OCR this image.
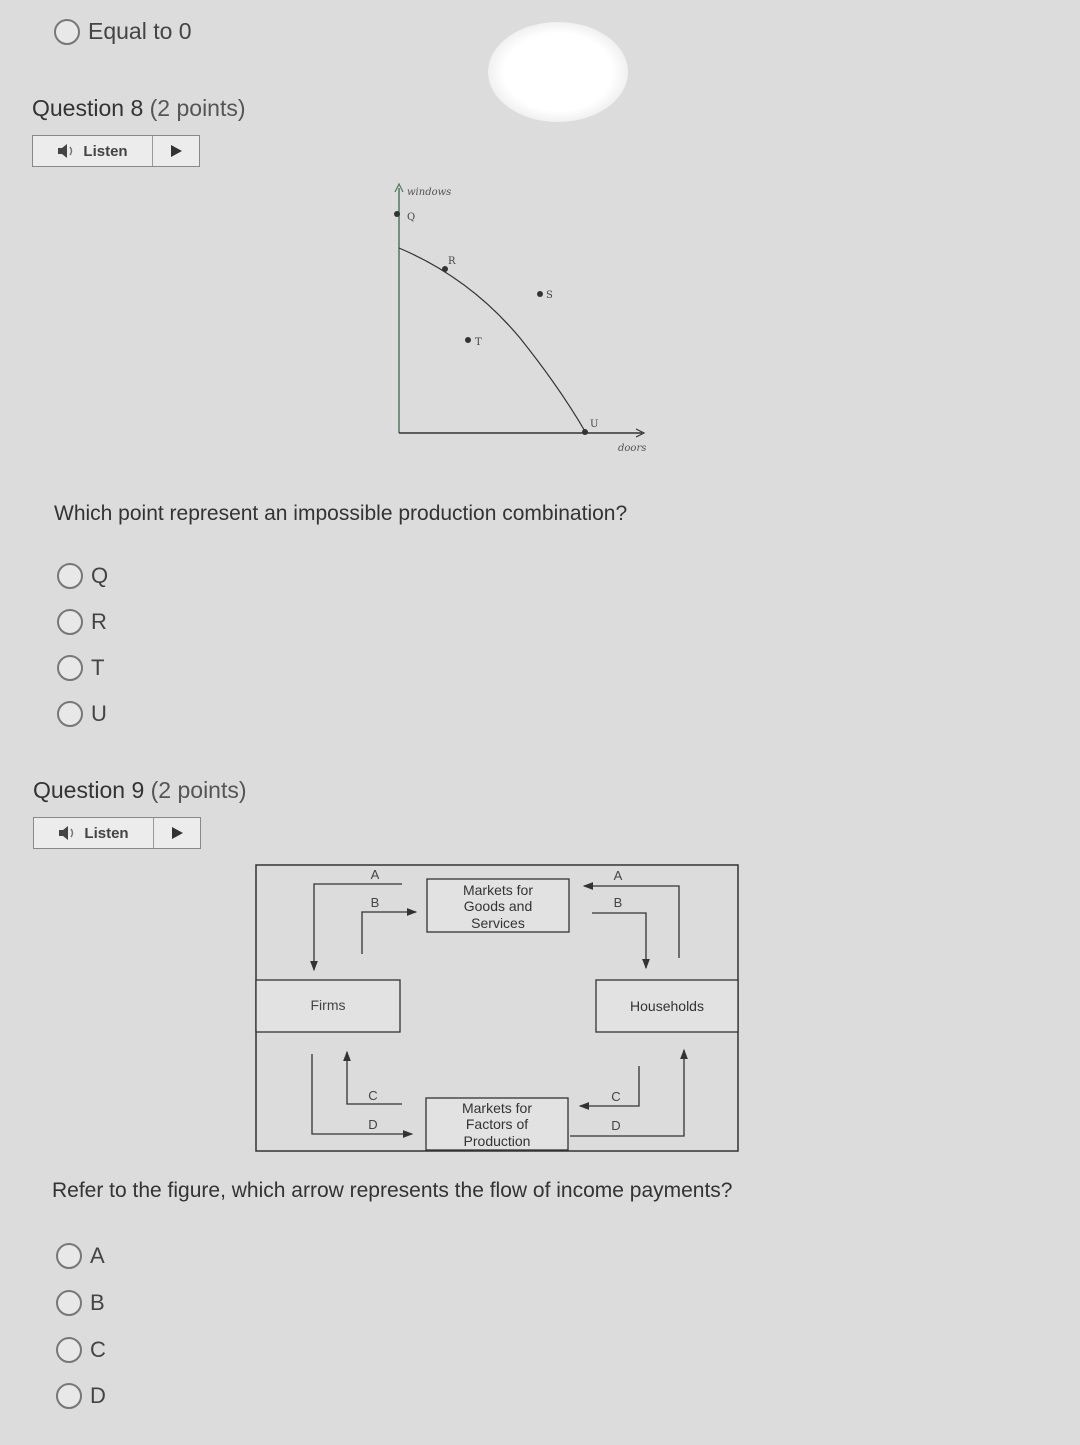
Equal to 0
Question 8 (2 points)
Listen
windows
doors
Q
R
S
T
U
Which point represent an impossible production combination?
Q
R
T
U
Question 9 (2 points)
Listen
Markets for
Goods and
Services
Markets for
Factors of
Production
Firms	Households
A
B
A
B
C
D
C
D
Refer to the figure, which arrow represents the flow of income payments?
A
B
C
D
